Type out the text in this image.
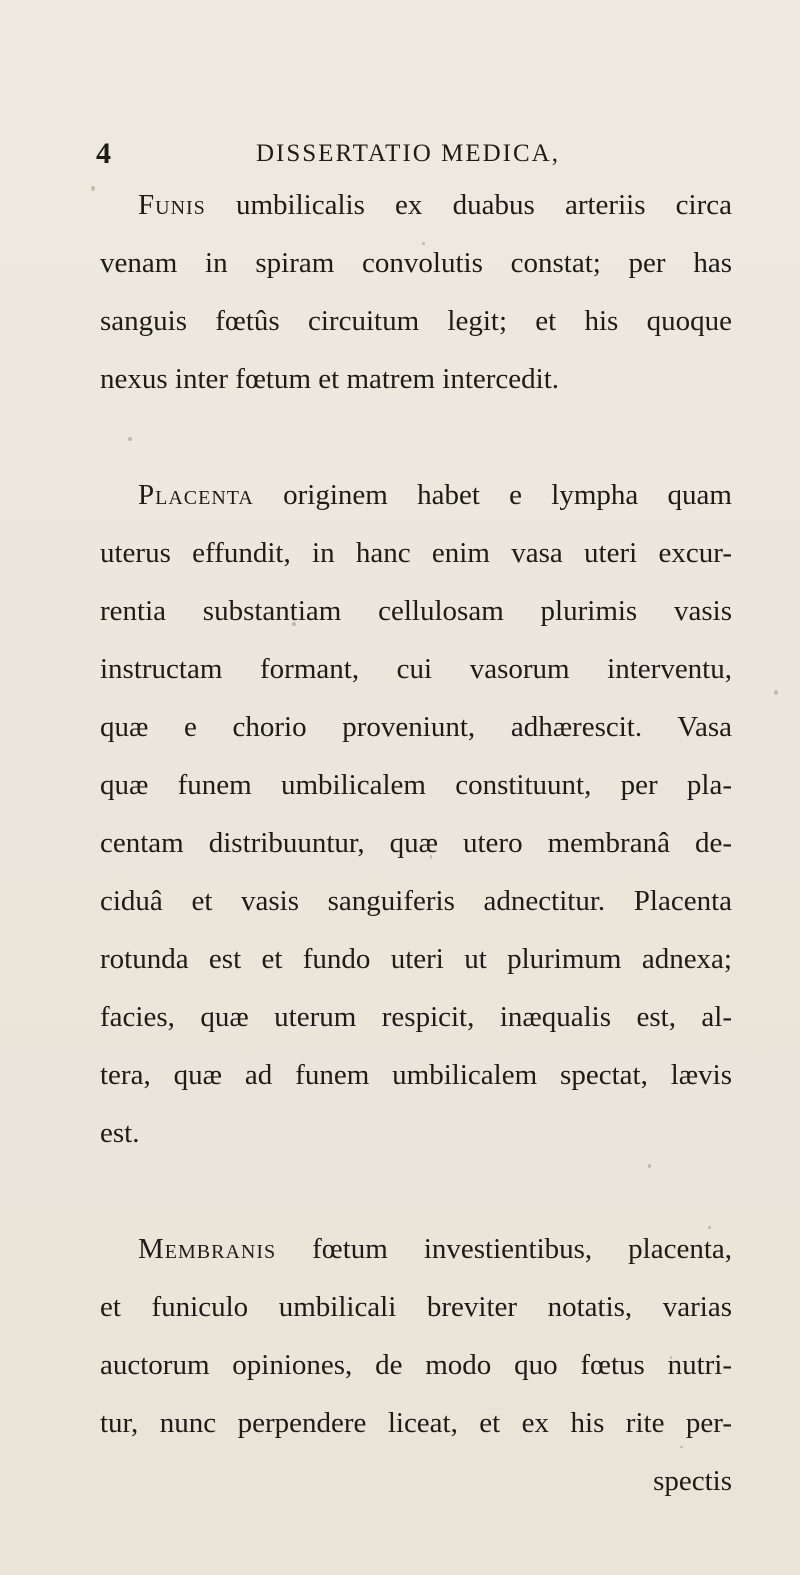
4	DISSERTATIO MEDICA,
Funis umbilicalis ex duabus arteriis circa
venam in spiram convolutis constat; per has
sanguis fœtûs circuitum legit; et his quoque
nexus inter fœtum et matrem intercedit.
Placenta originem habet e lympha quam
uterus effundit, in hanc enim vasa uteri excur-
rentia substantiam cellulosam plurimis vasis
instructam formant, cui vasorum interventu,
quæ e chorio proveniunt, adhærescit. Vasa
quæ funem umbilicalem constituunt, per pla-
centam distribuuntur, quæ utero membranâ de-
ciduâ et vasis sanguiferis adnectitur. Placenta
rotunda est et fundo uteri ut plurimum adnexa;
facies, quæ uterum respicit, inæqualis est, al-
tera, quæ ad funem umbilicalem spectat, lævis
est.
Membranis fœtum investientibus, placenta,
et funiculo umbilicali breviter notatis, varias
auctorum opiniones, de modo quo fœtus nutri-
tur, nunc perpendere liceat, et ex his rite per-
spectis
